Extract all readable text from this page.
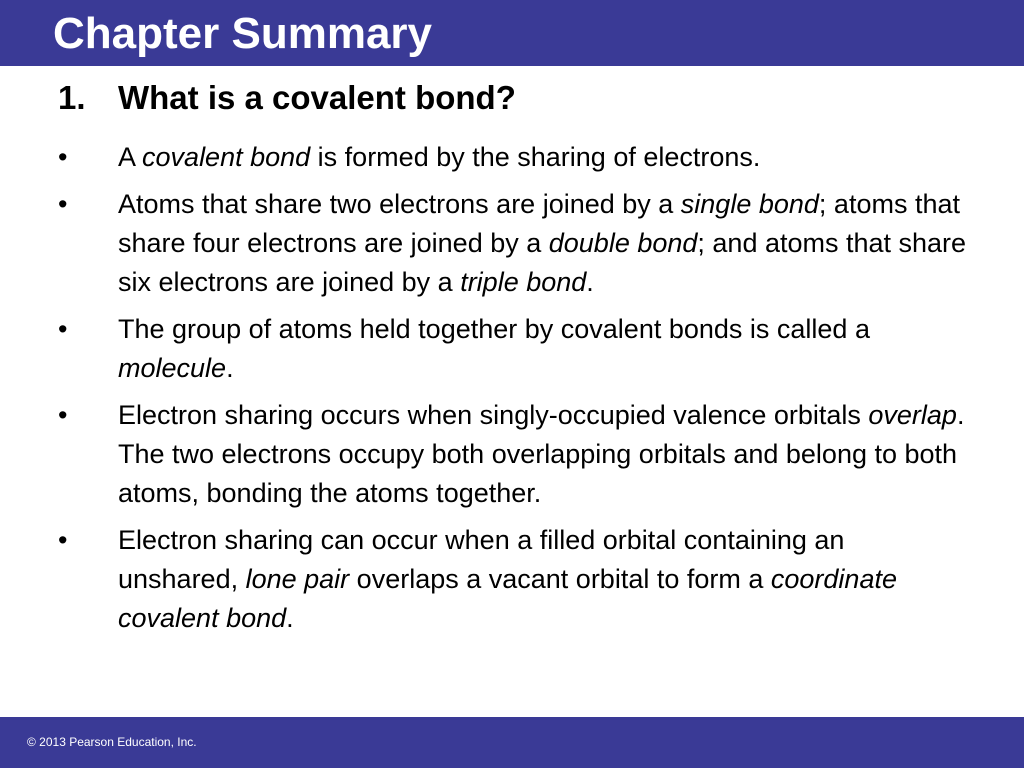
Chapter Summary
1. What is a covalent bond?
• A covalent bond is formed by the sharing of electrons.
• Atoms that share two electrons are joined by a single bond; atoms that share four electrons are joined by a double bond; and atoms that share six electrons are joined by a triple bond.
• The group of atoms held together by covalent bonds is called a molecule.
• Electron sharing occurs when singly-occupied valence orbitals overlap. The two electrons occupy both overlapping orbitals and belong to both atoms, bonding the atoms together.
• Electron sharing can occur when a filled orbital containing an unshared, lone pair overlaps a vacant orbital to form a coordinate covalent bond.
© 2013 Pearson Education, Inc.
